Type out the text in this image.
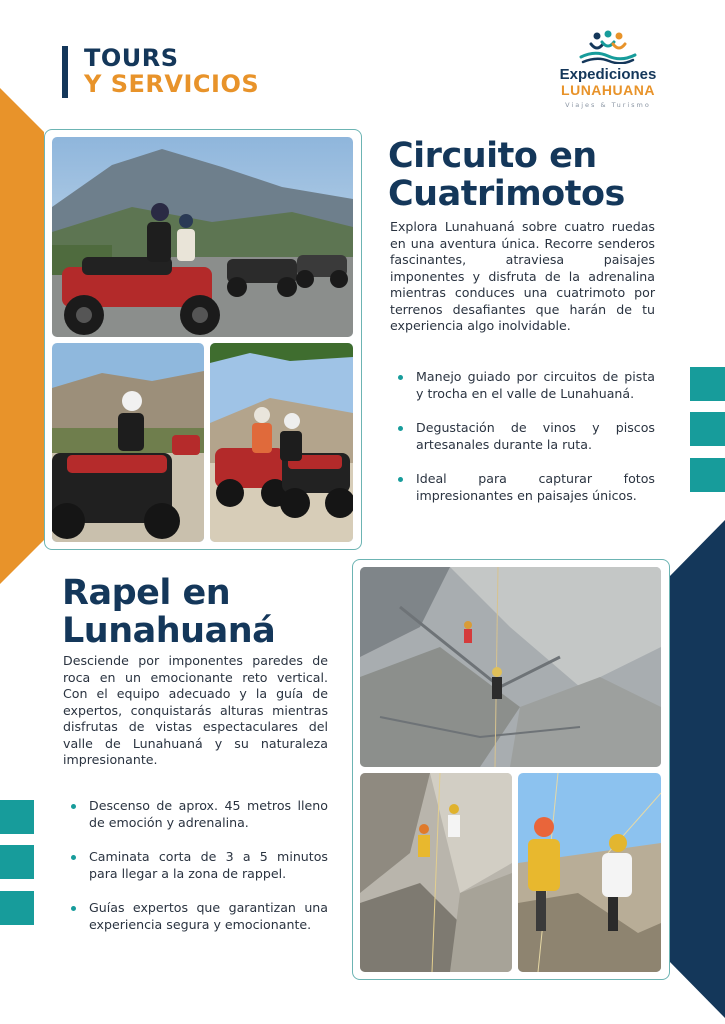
TOURS
Y SERVICIOS	Expediciones
LUNAHUANA
Viajes & Turismo
Circuito en
Cuatrimotos
Explora Lunahuaná sobre cuatro ruedas en una aventura única. Recorre senderos fascinantes, atraviesa paisajes imponentes y disfruta de la adrenalina mientras conduces una cuatrimoto por terrenos desafiantes que harán de tu experiencia algo inolvidable.
Manejo guiado por circuitos de pista y trocha en el valle de Lunahuaná.
Degustación de vinos y piscos artesanales durante la ruta.
Ideal para capturar fotos impresionantes en paisajes únicos.
Rapel en
Lunahuaná
Desciende por imponentes paredes de roca en un emocionante reto vertical. Con el equipo adecuado y la guía de expertos, conquistarás alturas mientras disfrutas de vistas espectaculares del valle de Lunahuaná y su naturaleza impresionante.
Descenso de aprox. 45 metros lleno de emoción y adrenalina.
Caminata corta de 3 a 5 minutos para llegar a la zona de rappel.
Guías expertos que garantizan una experiencia segura y emocionante.
